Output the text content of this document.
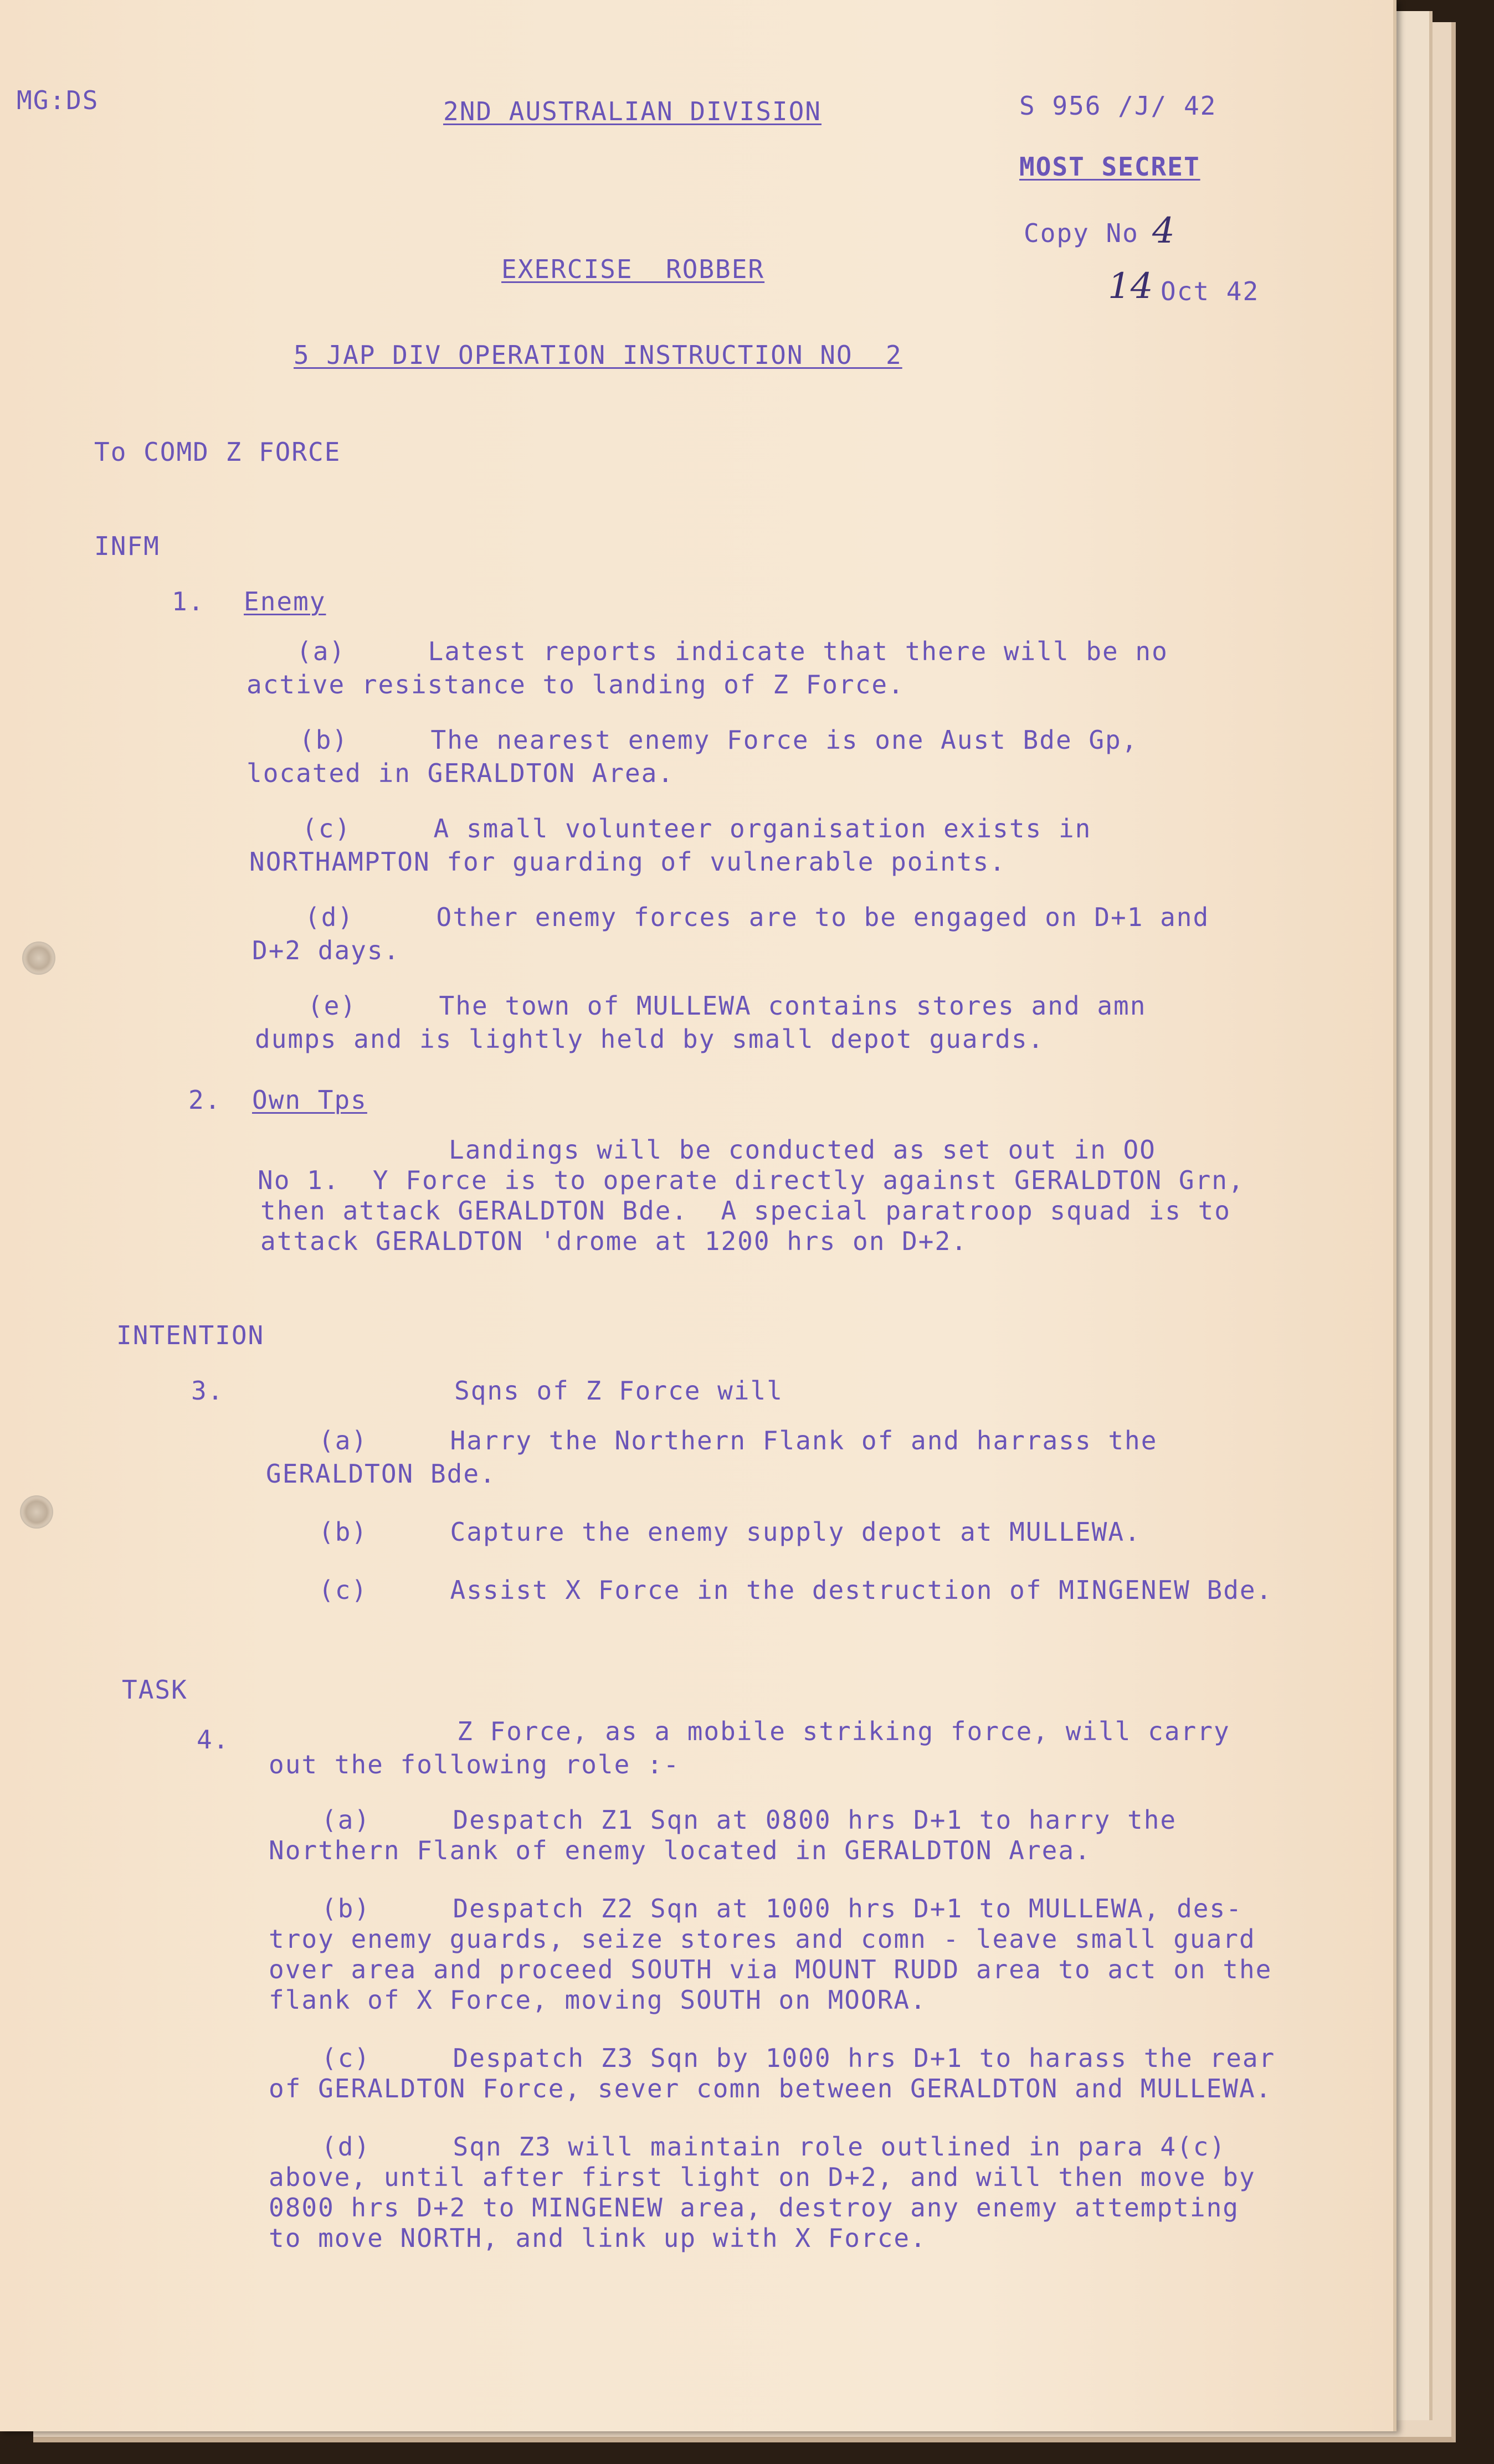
MG:DS	2ND AUSTRALIAN DIVISION	S 956 /J/ 42
MOST SECRET
Copy No 4
14 Oct 42
EXERCISE  ROBBER
5 JAP DIV OPERATION INSTRUCTION NO  2
To COMD Z FORCE
INFM
1. Enemy
(a)     Latest reports indicate that there will be no
active resistance to landing of Z Force.
(b)     The nearest enemy Force is one Aust Bde Gp,
located in GERALDTON Area.
(c)     A small volunteer organisation exists in
NORTHAMPTON for guarding of vulnerable points.
(d)     Other enemy forces are to be engaged on D+1 and
D+2 days.
(e)     The town of MULLEWA contains stores and amn
dumps and is lightly held by small depot guards.
2. Own Tps
Landings will be conducted as set out in OO
No 1.  Y Force is to operate directly against GERALDTON Grn,
then attack GERALDTON Bde.  A special paratroop squad is to
attack GERALDTON 'drome at 1200 hrs on D+2.
INTENTION
3.	Sqns of Z Force will
(a)     Harry the Northern Flank of and harrass the
GERALDTON Bde.
(b)     Capture the enemy supply depot at MULLEWA.
(c)     Assist X Force in the destruction of MINGENEW Bde.
TASK
4.	Z Force, as a mobile striking force, will carry
out the following role :-
(a)     Despatch Z1 Sqn at 0800 hrs D+1 to harry the
Northern Flank of enemy located in GERALDTON Area.
(b)     Despatch Z2 Sqn at 1000 hrs D+1 to MULLEWA, des-
troy enemy guards, seize stores and comn - leave small guard
over area and proceed SOUTH via MOUNT RUDD area to act on the
flank of X Force, moving SOUTH on MOORA.
(c)     Despatch Z3 Sqn by 1000 hrs D+1 to harass the rear
of GERALDTON Force, sever comn between GERALDTON and MULLEWA.
(d)     Sqn Z3 will maintain role outlined in para 4(c)
above, until after first light on D+2, and will then move by
0800 hrs D+2 to MINGENEW area, destroy any enemy attempting
to move NORTH, and link up with X Force.
